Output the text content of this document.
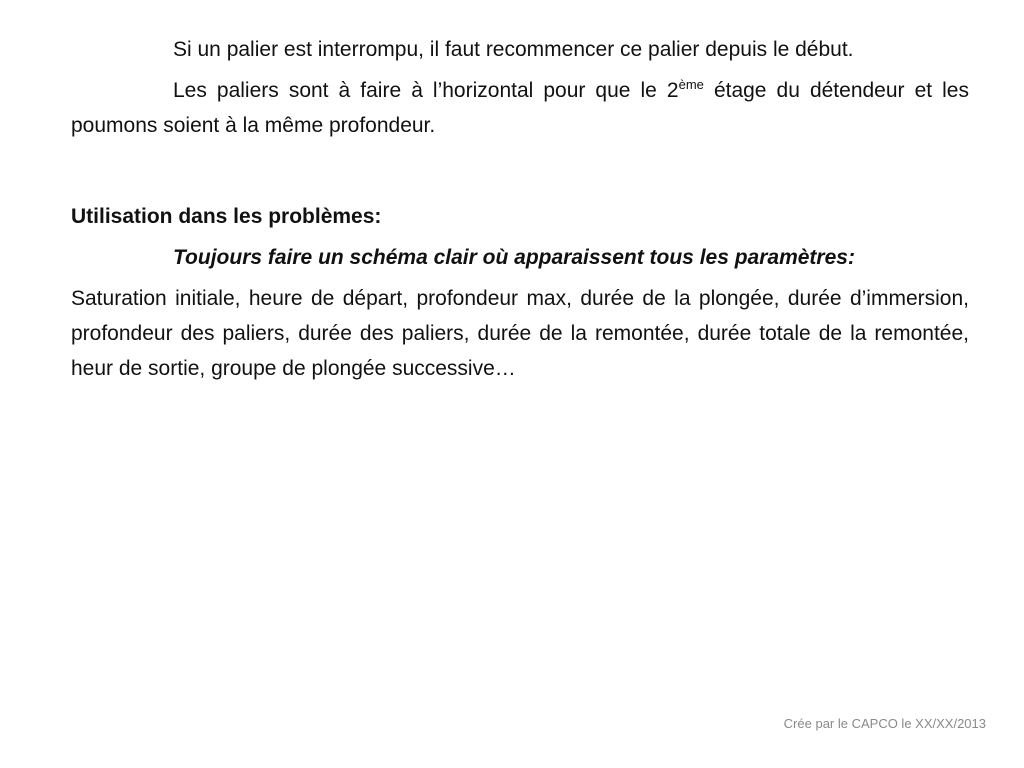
Si un palier est interrompu, il faut recommencer ce palier depuis le début.

Les paliers sont à faire à l’horizontal pour que le 2ème étage du détendeur et les poumons soient à la même profondeur.

Utilisation dans les problèmes:

Toujours faire un schéma clair où apparaissent tous les paramètres:

Saturation initiale, heure de départ, profondeur max, durée de la plongée, durée d’immersion, profondeur des paliers, durée des paliers, durée de la remontée, durée totale de la remontée, heur de sortie, groupe de plongée successive…

Crée par le CAPCO le XX/XX/2013
